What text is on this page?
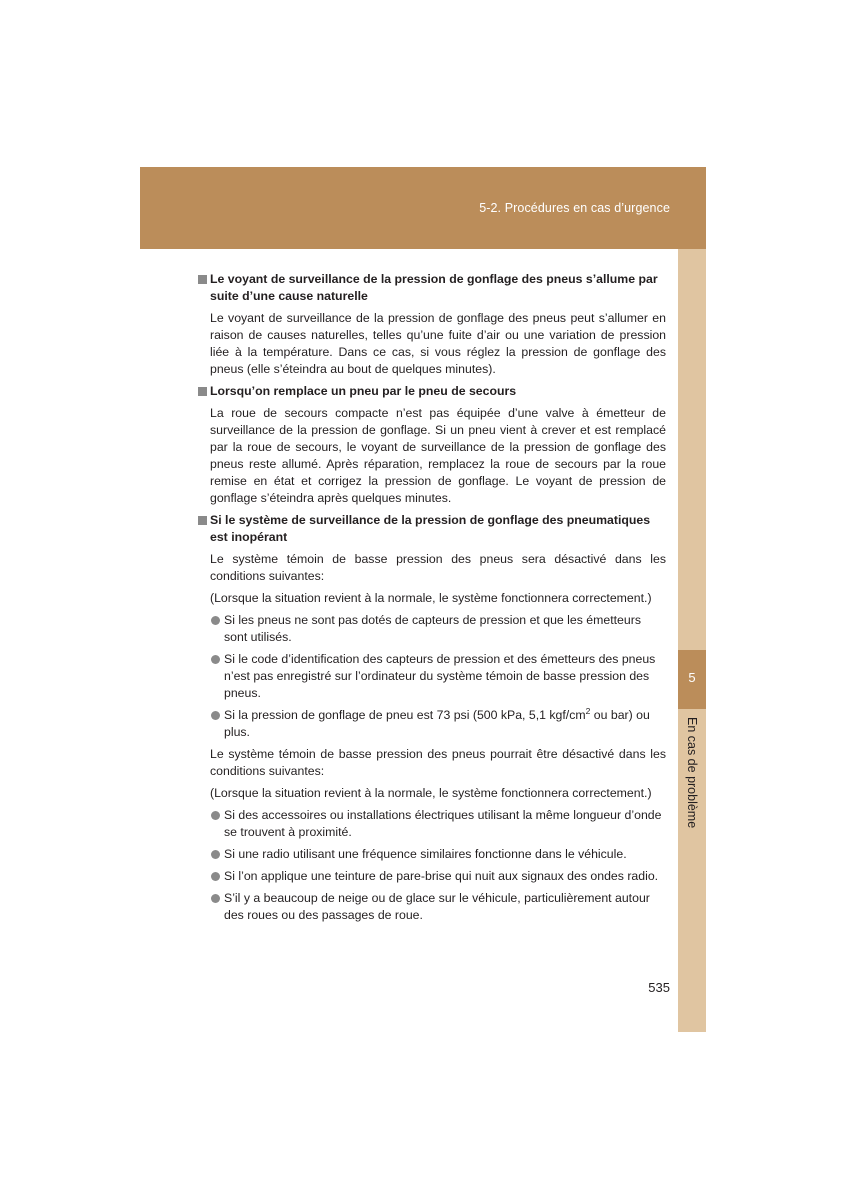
5-2. Procédures en cas d’urgence
5
En cas de problème
Le voyant de surveillance de la pression de gonflage des pneus s’allume par suite d’une cause naturelle

Le voyant de surveillance de la pression de gonflage des pneus peut s’allumer en raison de causes naturelles, telles qu’une fuite d’air ou une variation de pression liée à la température. Dans ce cas, si vous réglez la pression de gonflage des pneus (elle s’éteindra au bout de quelques minutes).

Lorsqu’on remplace un pneu par le pneu de secours

La roue de secours compacte n’est pas équipée d’une valve à émetteur de surveillance de la pression de gonflage. Si un pneu vient à crever et est remplacé par la roue de secours, le voyant de surveillance de la pression de gonflage des pneus reste allumé. Après réparation, remplacez la roue de secours par la roue remise en état et corrigez la pression de gonflage. Le voyant de pression de gonflage s’éteindra après quelques minutes.

Si le système de surveillance de la pression de gonflage des pneumatiques est inopérant

Le système témoin de basse pression des pneus sera désactivé dans les conditions suivantes:

(Lorsque la situation revient à la normale, le système fonctionnera correctement.)

Si les pneus ne sont pas dotés de capteurs de pression et que les émetteurs sont utilisés.
Si le code d’identification des capteurs de pression et des émetteurs des pneus n’est pas enregistré sur l’ordinateur du système témoin de basse pression des pneus.
Si la pression de gonflage de pneu est 73 psi (500 kPa, 5,1 kgf/$cm^2$ ou bar) ou plus.

Le système témoin de basse pression des pneus pourrait être désactivé dans les conditions suivantes:

(Lorsque la situation revient à la normale, le système fonctionnera correctement.)

Si des accessoires ou installations électriques utilisant la même longueur d’onde se trouvent à proximité.
Si une radio utilisant une fréquence similaires fonctionne dans le véhicule.
Si l’on applique une teinture de pare-brise qui nuit aux signaux des ondes radio.
S’il y a beaucoup de neige ou de glace sur le véhicule, particulièrement autour des roues ou des passages de roue.
535
